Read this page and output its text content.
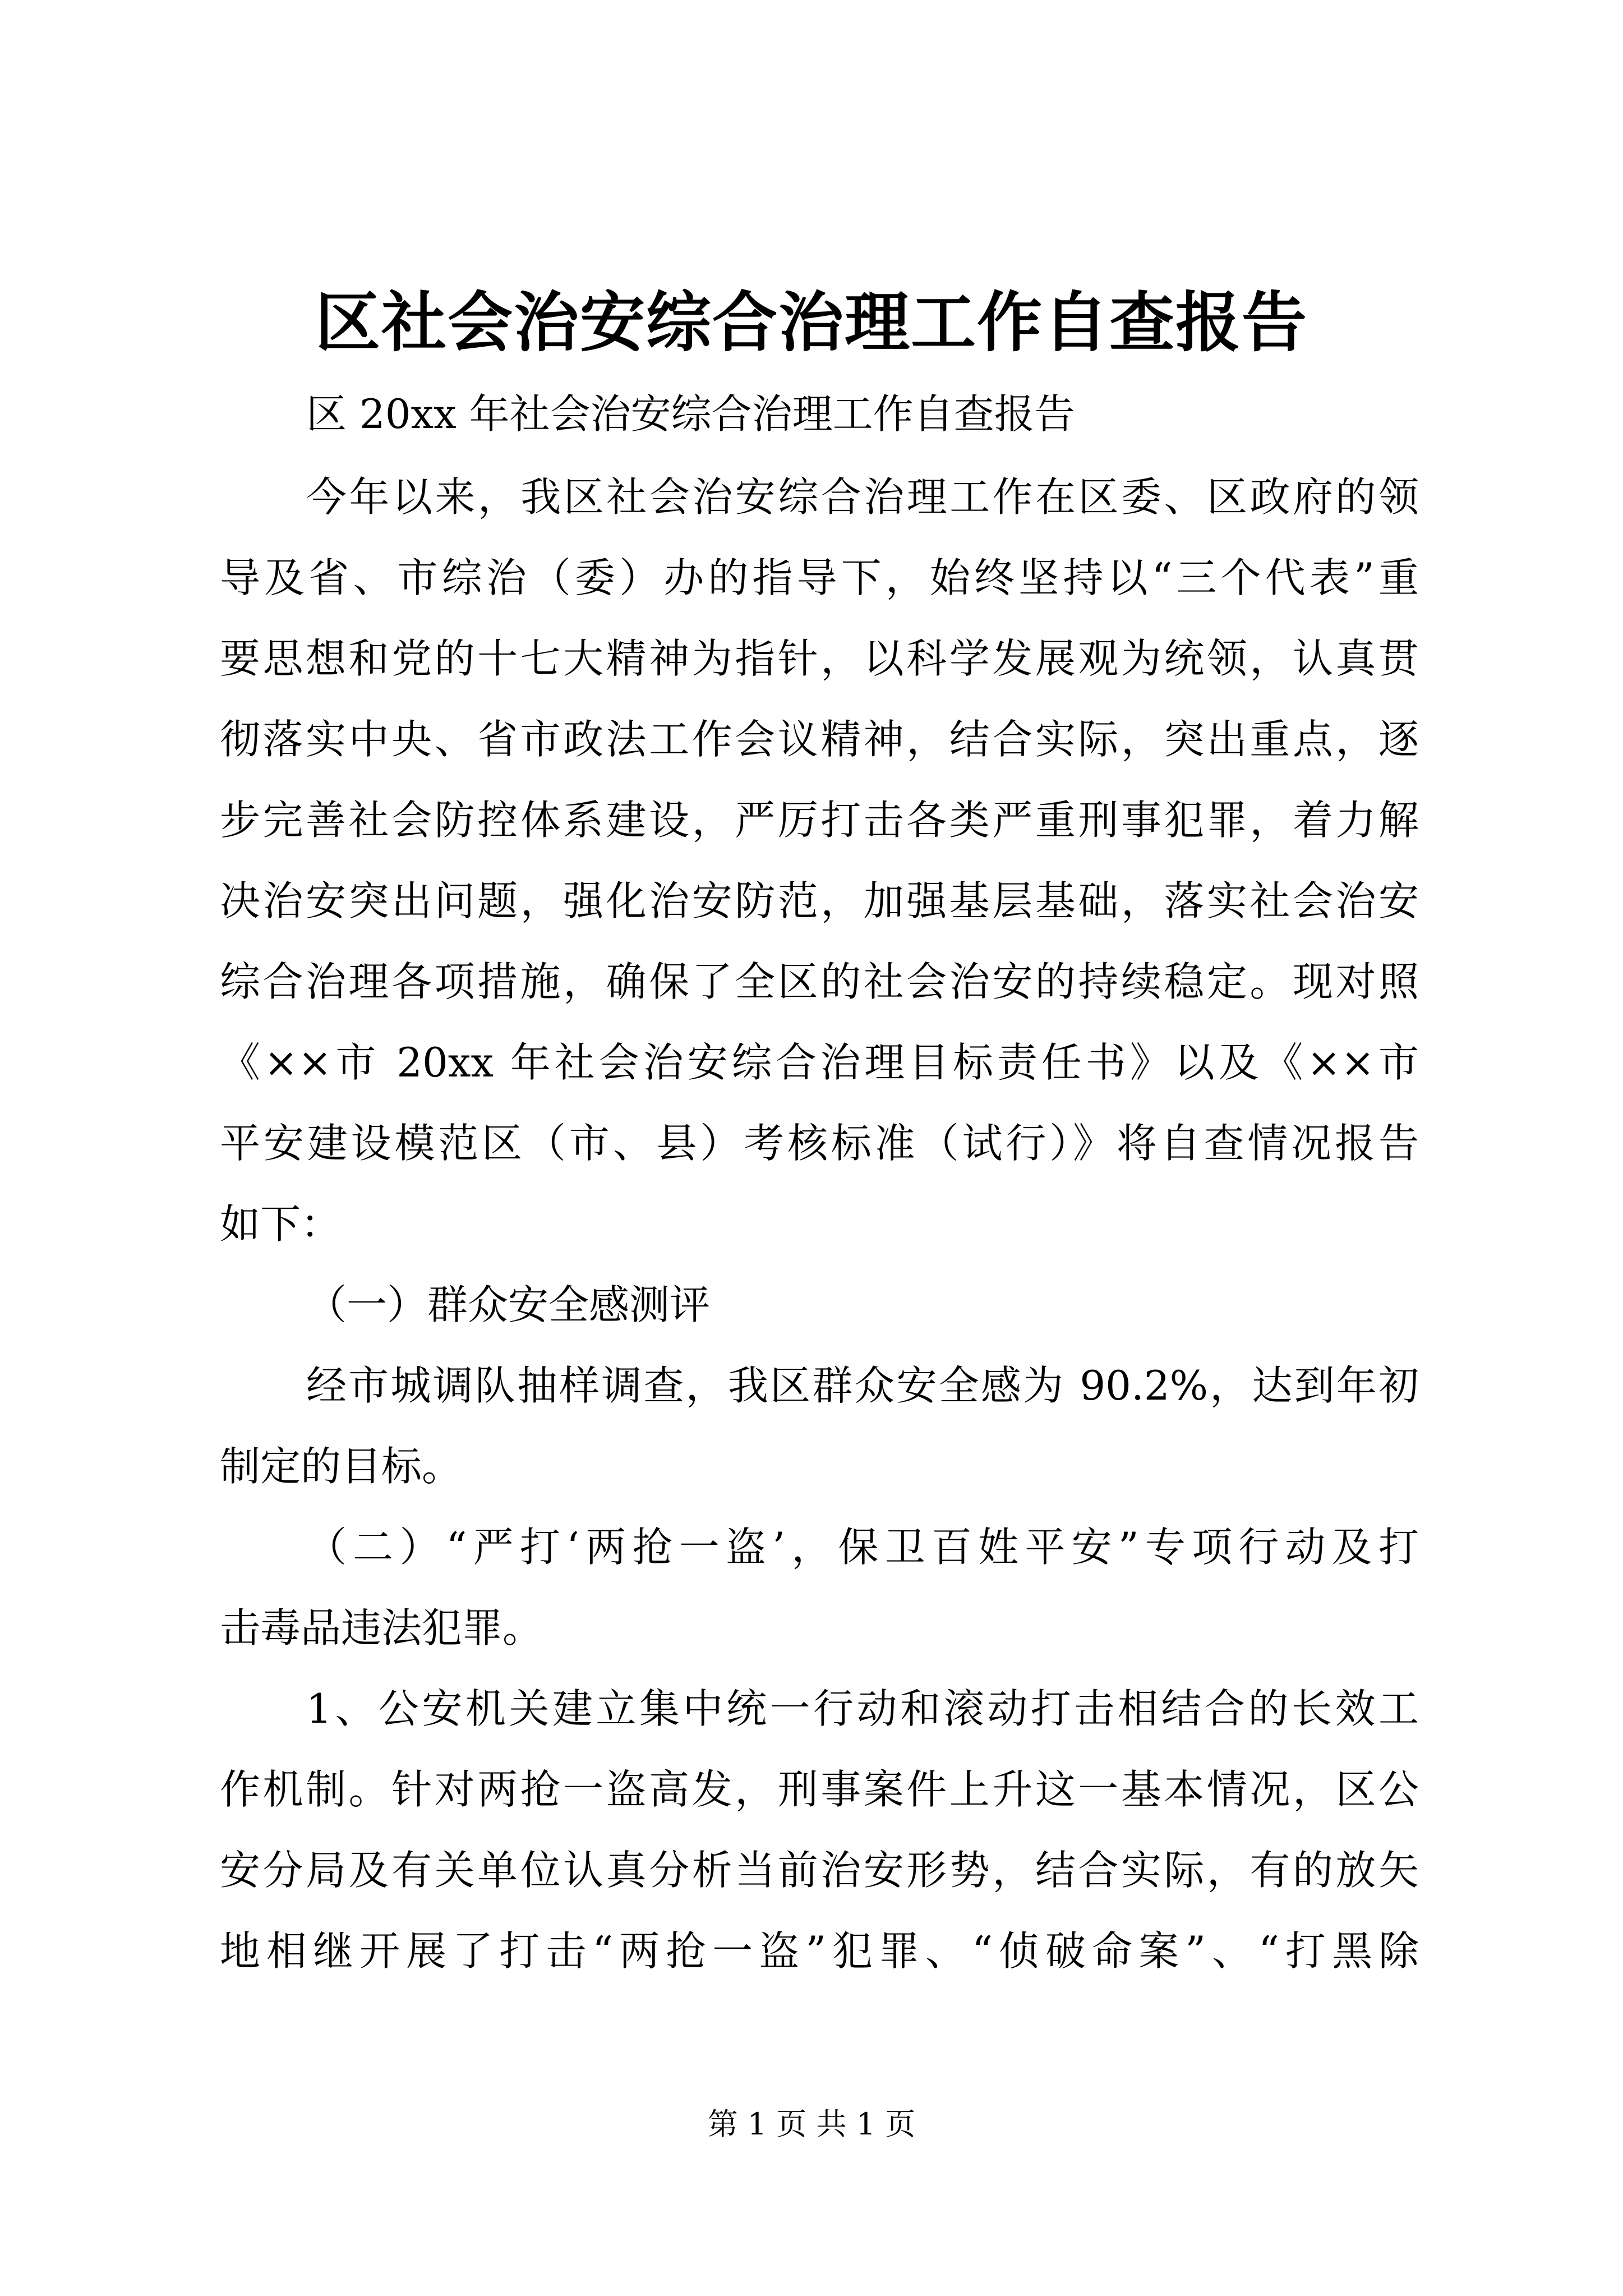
区社会治安综合治理工作自查报告

区 20xx 年社会治安综合治理工作自查报告

今年以来，我区社会治安综合治理工作在区委、区政府的领

导及省、市综治（委）办的指导下，始终坚持以“三个代表”重

要思想和党的十七大精神为指针，以科学发展观为统领，认真贯

彻落实中央、省市政法工作会议精神，结合实际，突出重点，逐

步完善社会防控体系建设，严厉打击各类严重刑事犯罪，着力解

决治安突出问题，强化治安防范，加强基层基础，落实社会治安

综合治理各项措施，确保了全区的社会治安的持续稳定。现对照

《××市 20xx 年社会治安综合治理目标责任书》以及《××市

平安建设模范区（市、县）考核标准（试行）》将自查情况报告

如下：

（一）群众安全感测评

经市城调队抽样调查，我区群众安全感为 90.2%，达到年初

制定的目标。

（二）“严打‘两抢一盗’，保卫百姓平安”专项行动及打

击毒品违法犯罪。

1、公安机关建立集中统一行动和滚动打击相结合的长效工

作机制。针对两抢一盗高发，刑事案件上升这一基本情况，区公

安分局及有关单位认真分析当前治安形势，结合实际，有的放矢

地相继开展了打击“两抢一盗”犯罪、“侦破命案”、“打黑除

第 1 页 共 1 页
